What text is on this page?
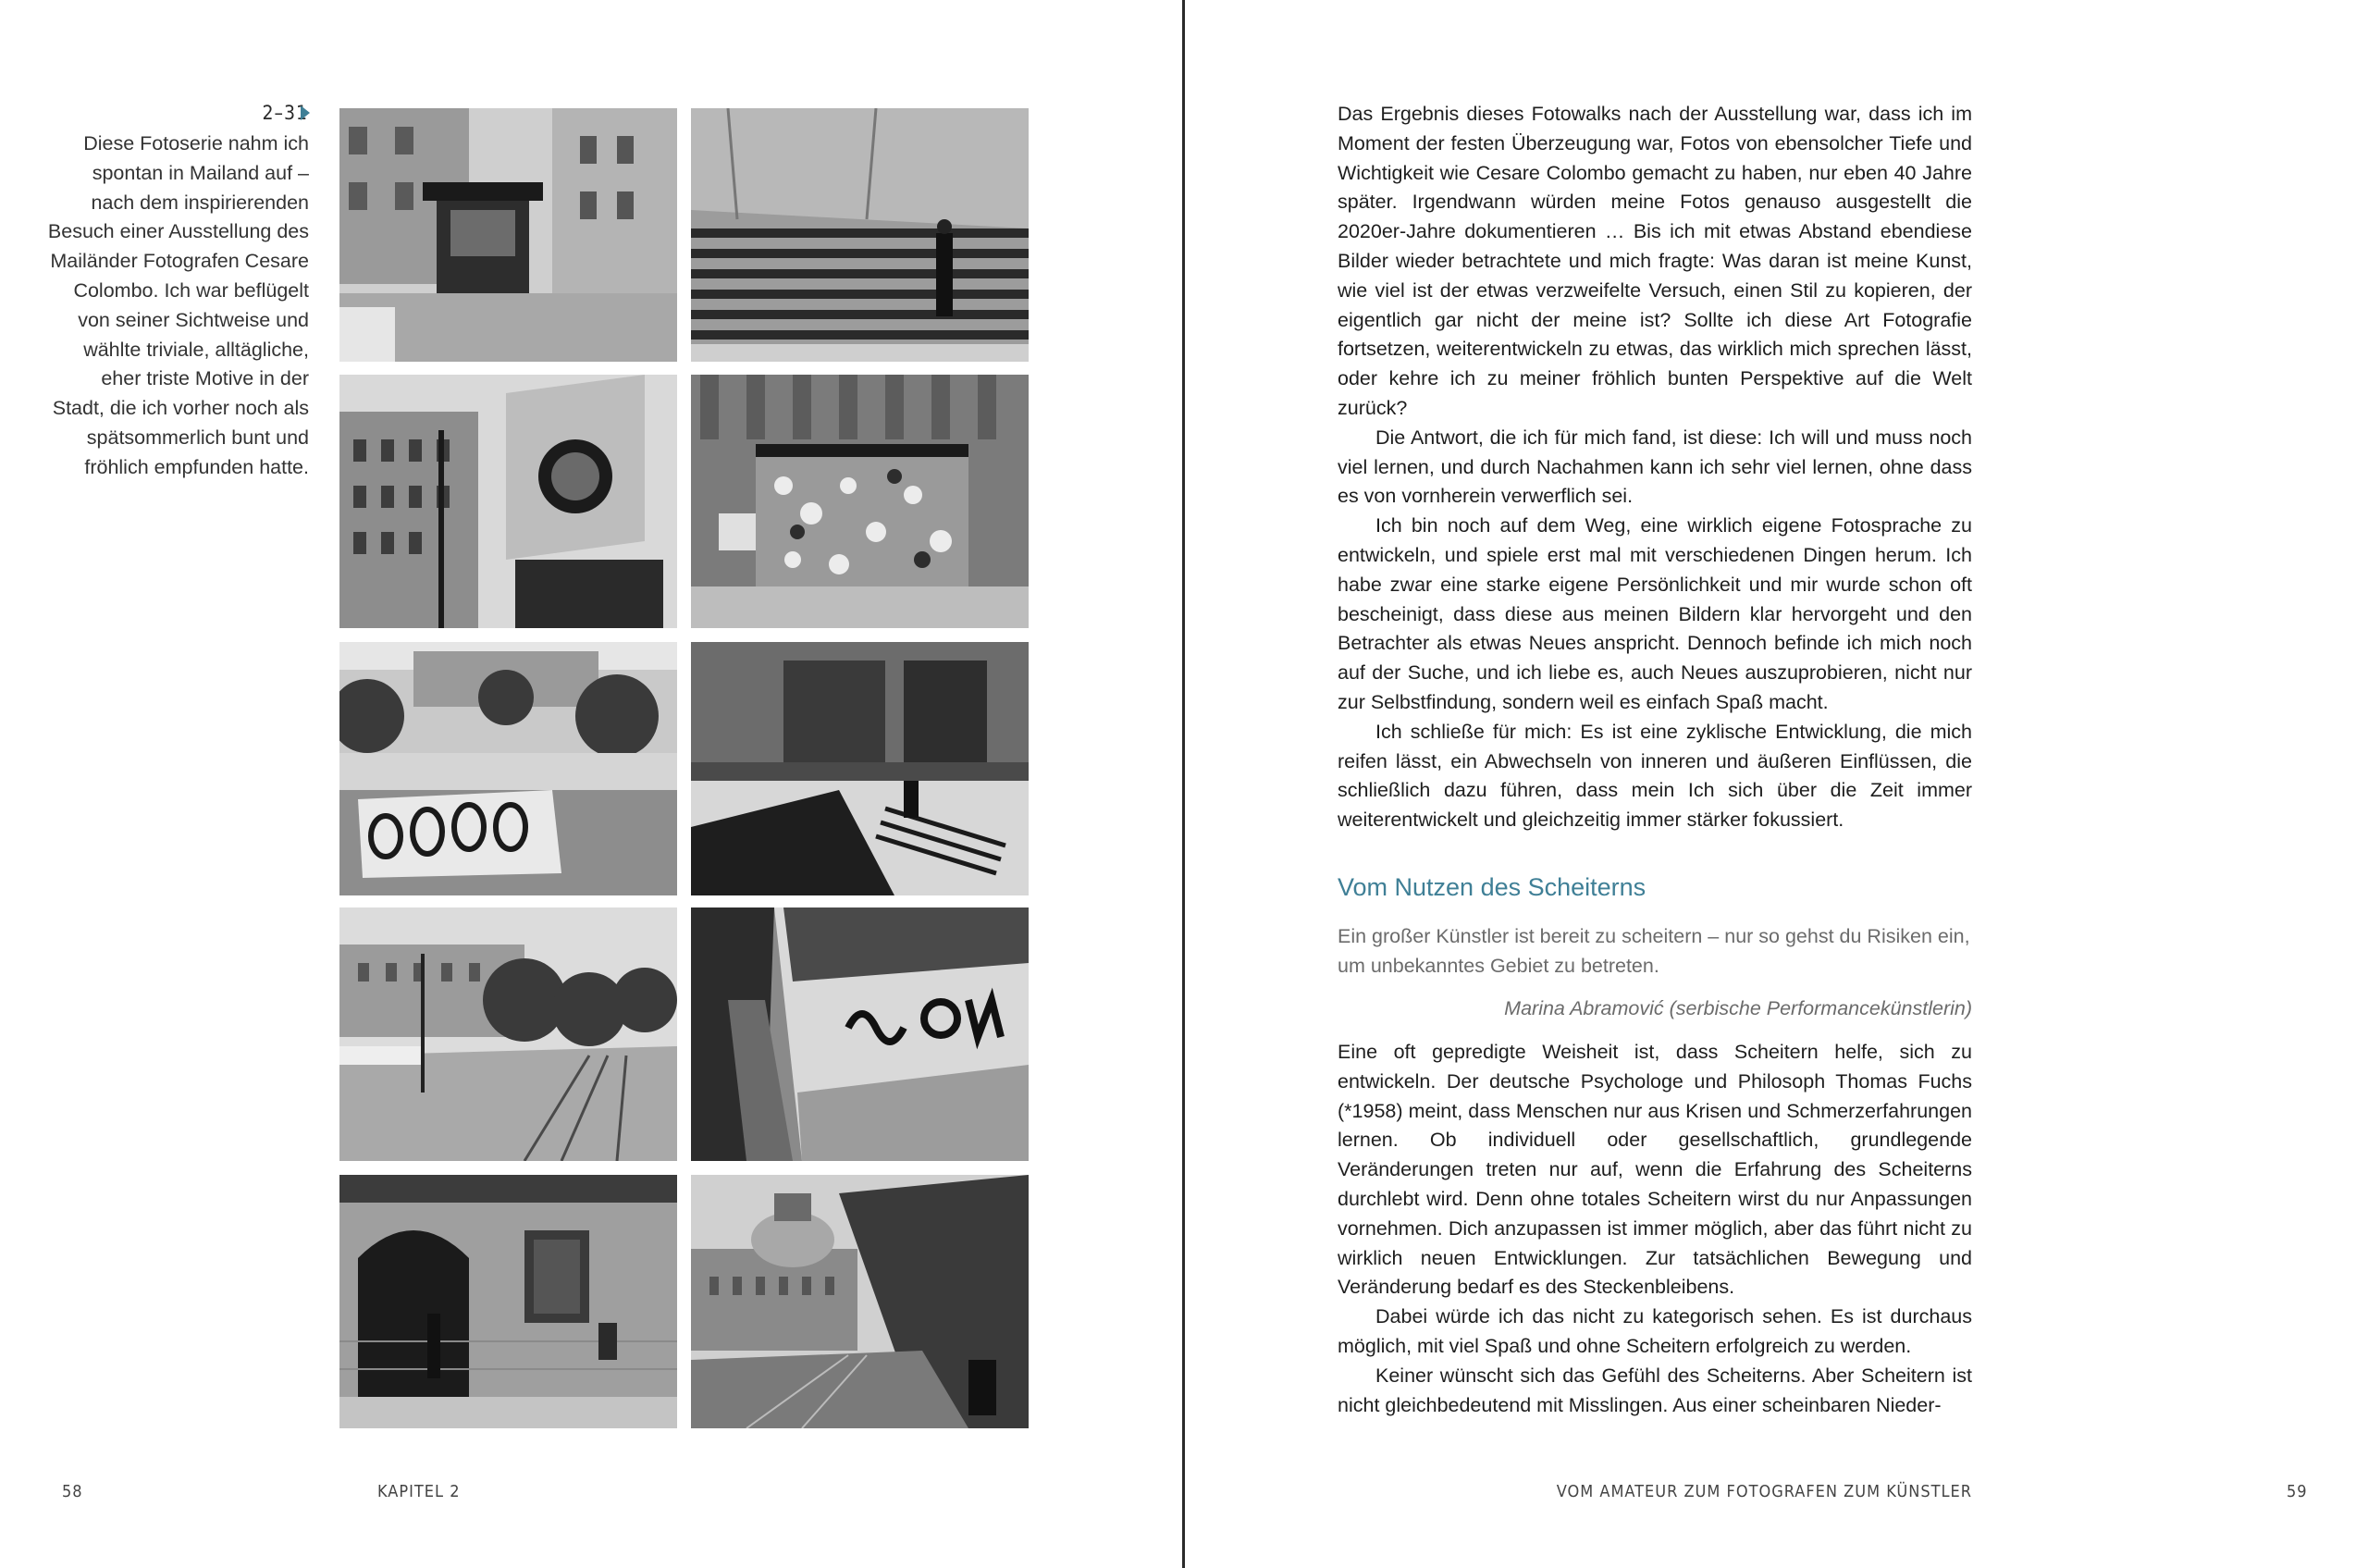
2–31
Diese Fotoserie nahm ich spontan in Mailand auf – nach dem inspirierenden Besuch einer Ausstellung des Mailänder Fotografen Cesare Colombo. Ich war beflügelt von seiner Sichtweise und wählte triviale, alltägliche, eher triste Motive in der Stadt, die ich vorher noch als spätsommerlich bunt und fröhlich empfunden hatte.
58	KAPITEL 2

Das Ergebnis dieses Fotowalks nach der Ausstellung war, dass ich im Moment der festen Überzeugung war, Fotos von ebensolcher Tiefe und Wichtigkeit wie Cesare Colombo gemacht zu haben, nur eben 40 Jahre später. Irgendwann würden meine Fotos genauso ausgestellt die 2020er-Jahre dokumentieren … Bis ich mit etwas Abstand ebendiese Bilder wieder betrachtete und mich fragte: Was daran ist meine Kunst, wie viel ist der etwas verzweifelte Versuch, einen Stil zu kopieren, der eigentlich gar nicht der meine ist? Sollte ich diese Art Fotografie fortsetzen, weiterentwickeln zu etwas, das wirklich mich sprechen lässt, oder kehre ich zu meiner fröhlich bunten Perspektive auf die Welt zurück?

Die Antwort, die ich für mich fand, ist diese: Ich will und muss noch viel lernen, und durch Nachahmen kann ich sehr viel lernen, ohne dass es von vornherein verwerflich sei.

Ich bin noch auf dem Weg, eine wirklich eigene Fotosprache zu entwickeln, und spiele erst mal mit verschiedenen Dingen herum. Ich habe zwar eine starke eigene Persönlichkeit und mir wurde schon oft bescheinigt, dass diese aus meinen Bildern klar hervorgeht und den Betrachter als etwas Neues anspricht. Dennoch befinde ich mich noch auf der Suche, und ich liebe es, auch Neues auszuprobieren, nicht nur zur Selbstfindung, sondern weil es einfach Spaß macht.

Ich schließe für mich: Es ist eine zyklische Entwicklung, die mich reifen lässt, ein Abwechseln von inneren und äußeren Einflüssen, die schließlich dazu führen, dass mein Ich sich über die Zeit immer weiterentwickelt und gleichzeitig immer stärker fokussiert.

Vom Nutzen des Scheiterns
Ein großer Künstler ist bereit zu scheitern – nur so gehst du Risiken ein, um unbekanntes Gebiet zu betreten.
Marina Abramović (serbische Performancekünstlerin)

Eine oft gepredigte Weisheit ist, dass Scheitern helfe, sich zu entwickeln. Der deutsche Psychologe und Philosoph Thomas Fuchs (*1958) meint, dass Menschen nur aus Krisen und Schmerzerfahrungen lernen. Ob individuell oder gesellschaftlich, grundlegende Veränderungen treten nur auf, wenn die Erfahrung des Scheiterns durchlebt wird. Denn ohne totales Scheitern wirst du nur Anpassungen vornehmen. Dich anzupassen ist immer möglich, aber das führt nicht zu wirklich neuen Entwicklungen. Zur tatsächlichen Bewegung und Veränderung bedarf es des Steckenbleibens.

Dabei würde ich das nicht zu kategorisch sehen. Es ist durchaus möglich, mit viel Spaß und ohne Scheitern erfolgreich zu werden.

Keiner wünscht sich das Gefühl des Scheiterns. Aber Scheitern ist nicht gleichbedeutend mit Misslingen. Aus einer scheinbaren Nieder-

VOM AMATEUR ZUM FOTOGRAFEN ZUM KÜNSTLER	59
